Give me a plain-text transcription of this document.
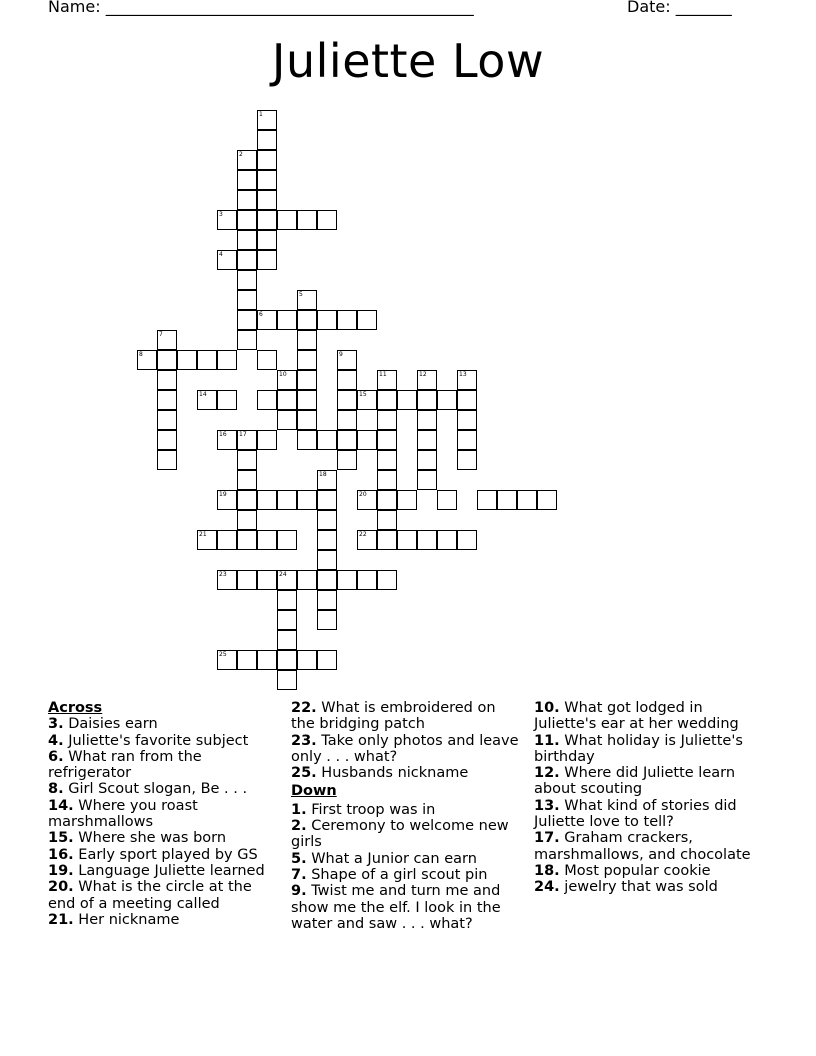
Name: ______________________________________________	Date: _______
Juliette Low
1
2
3
4
5
6
7
8	9
10	11	12	13
14	15
16 17
18
19	20
21	22
23	24
25
Across
3. Daisies earn
4. Juliette's favorite subject
6. What ran from the refrigerator
8. Girl Scout slogan, Be . . .
14. Where you roast marshmallows
15. Where she was born
16. Early sport played by GS
19. Language Juliette learned
20. What is the circle at the end of a meeting called
21. Her nickname
22. What is embroidered on the bridging patch
23. Take only photos and leave only . . . what?
25. Husbands nickname
Down
1. First troop was in
2. Ceremony to welcome new girls
5. What a Junior can earn
7. Shape of a girl scout pin
9. Twist me and turn me and show me the elf. I look in the water and saw . . . what?
10. What got lodged in Juliette's ear at her wedding
11. What holiday is Juliette's birthday
12. Where did Juliette learn about scouting
13. What kind of stories did Juliette love to tell?
17. Graham crackers, marshmallows, and chocolate
18. Most popular cookie
24. jewelry that was sold
